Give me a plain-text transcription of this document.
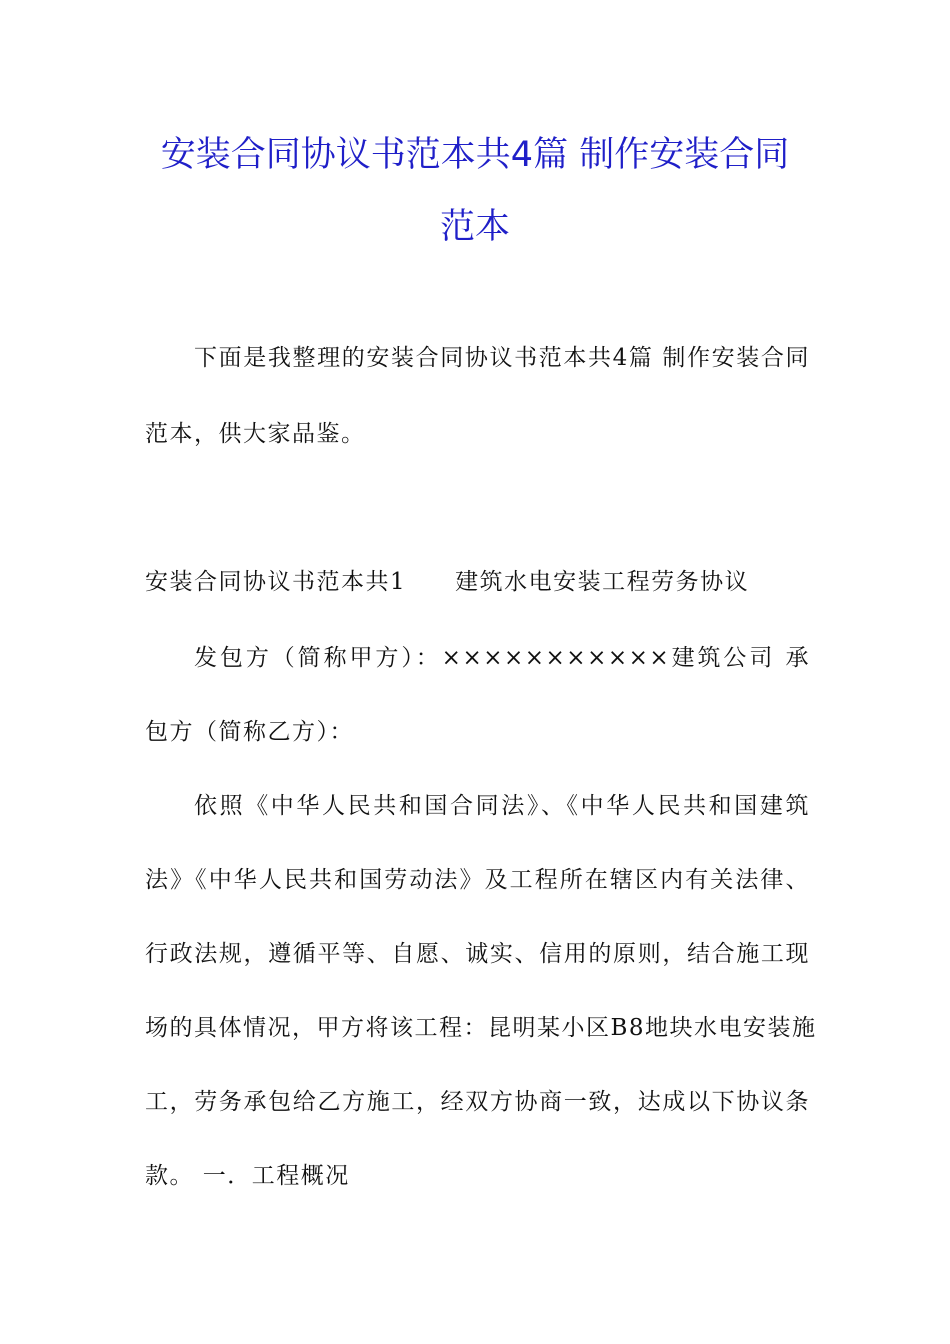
安装合同协议书范本共4篇 制作安装合同
范本
下面是我整理的安装合同协议书范本共4篇 制作安装合同
范本，供大家品鉴。
安装合同协议书范本共1　　建筑水电安装工程劳务协议
发包方（简称甲方）：×××××××××××建筑公司 承
包方（简称乙方）：
依照《中华人民共和国合同法》、《中华人民共和国建筑
法》《中华人民共和国劳动法》及工程所在辖区内有关法律、
行政法规，遵循平等、自愿、诚实、信用的原则，结合施工现
场的具体情况，甲方将该工程：昆明某小区B8地块水电安装施
工，劳务承包给乙方施工，经双方协商一致，达成以下协议条
款。 一．工程概况
